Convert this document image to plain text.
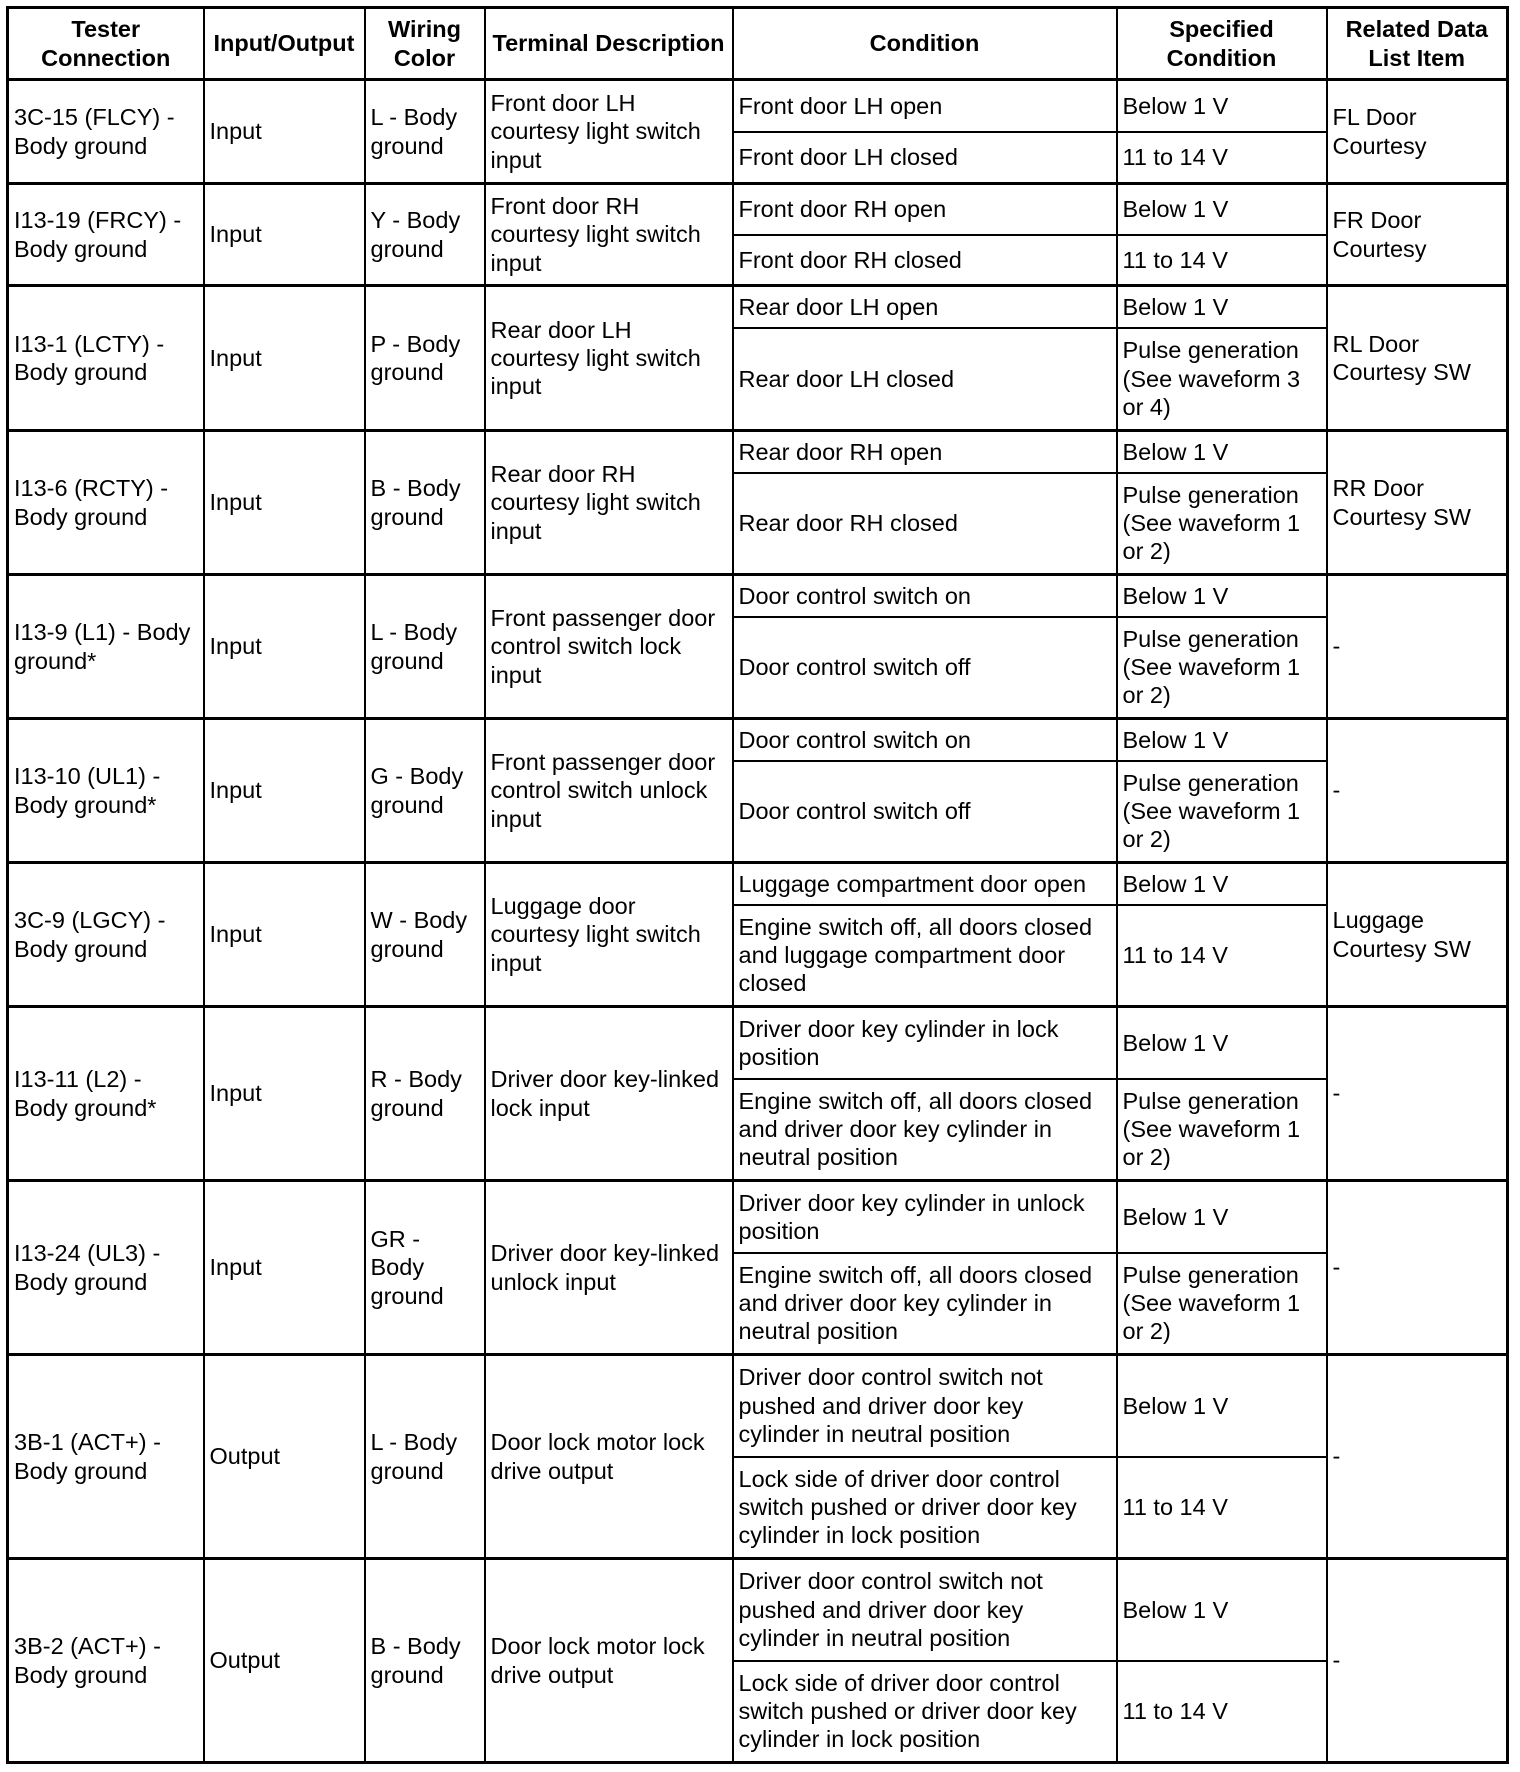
Tester Connection	Input/Output	Wiring Color	Terminal Description	Condition	Specified Condition	Related Data List Item
3C-15 (FLCY) - Body ground	Input	L - Body ground	Front door LH courtesy light switch input	Front door LH open	Below 1 V	FL Door Courtesy
				Front door LH closed	11 to 14 V	
I13-19 (FRCY) - Body ground	Input	Y - Body ground	Front door RH courtesy light switch input	Front door RH open	Below 1 V	FR Door Courtesy
				Front door RH closed	11 to 14 V	
I13-1 (LCTY) - Body ground	Input	P - Body ground	Rear door LH courtesy light switch input	Rear door LH open	Below 1 V	RL Door Courtesy SW
				Rear door LH closed	Pulse generation (See waveform 3 or 4)	
I13-6 (RCTY) - Body ground	Input	B - Body ground	Rear door RH courtesy light switch input	Rear door RH open	Below 1 V	RR Door Courtesy SW
				Rear door RH closed	Pulse generation (See waveform 1 or 2)	
I13-9 (L1) - Body ground*	Input	L - Body ground	Front passenger door control switch lock input	Door control switch on	Below 1 V	-
				Door control switch off	Pulse generation (See waveform 1 or 2)	
I13-10 (UL1) - Body ground*	Input	G - Body ground	Front passenger door control switch unlock input	Door control switch on	Below 1 V	-
				Door control switch off	Pulse generation (See waveform 1 or 2)	
3C-9 (LGCY) - Body ground	Input	W - Body ground	Luggage door courtesy light switch input	Luggage compartment door open	Below 1 V	Luggage Courtesy SW
				Engine switch off, all doors closed and luggage compartment door closed	11 to 14 V	
I13-11 (L2) - Body ground*	Input	R - Body ground	Driver door key-linked lock input	Driver door key cylinder in lock position	Below 1 V	-
				Engine switch off, all doors closed and driver door key cylinder in neutral position	Pulse generation (See waveform 1 or 2)	
I13-24 (UL3) - Body ground	Input	GR - Body ground	Driver door key-linked unlock input	Driver door key cylinder in unlock position	Below 1 V	-
				Engine switch off, all doors closed and driver door key cylinder in neutral position	Pulse generation (See waveform 1 or 2)	
3B-1 (ACT+) - Body ground	Output	L - Body ground	Door lock motor lock drive output	Driver door control switch not pushed and driver door key cylinder in neutral position	Below 1 V	-
				Lock side of driver door control switch pushed or driver door key cylinder in lock position	11 to 14 V	
3B-2 (ACT+) - Body ground	Output	B - Body ground	Door lock motor lock drive output	Driver door control switch not pushed and driver door key cylinder in neutral position	Below 1 V	-
				Lock side of driver door control switch pushed or driver door key cylinder in lock position	11 to 14 V	
